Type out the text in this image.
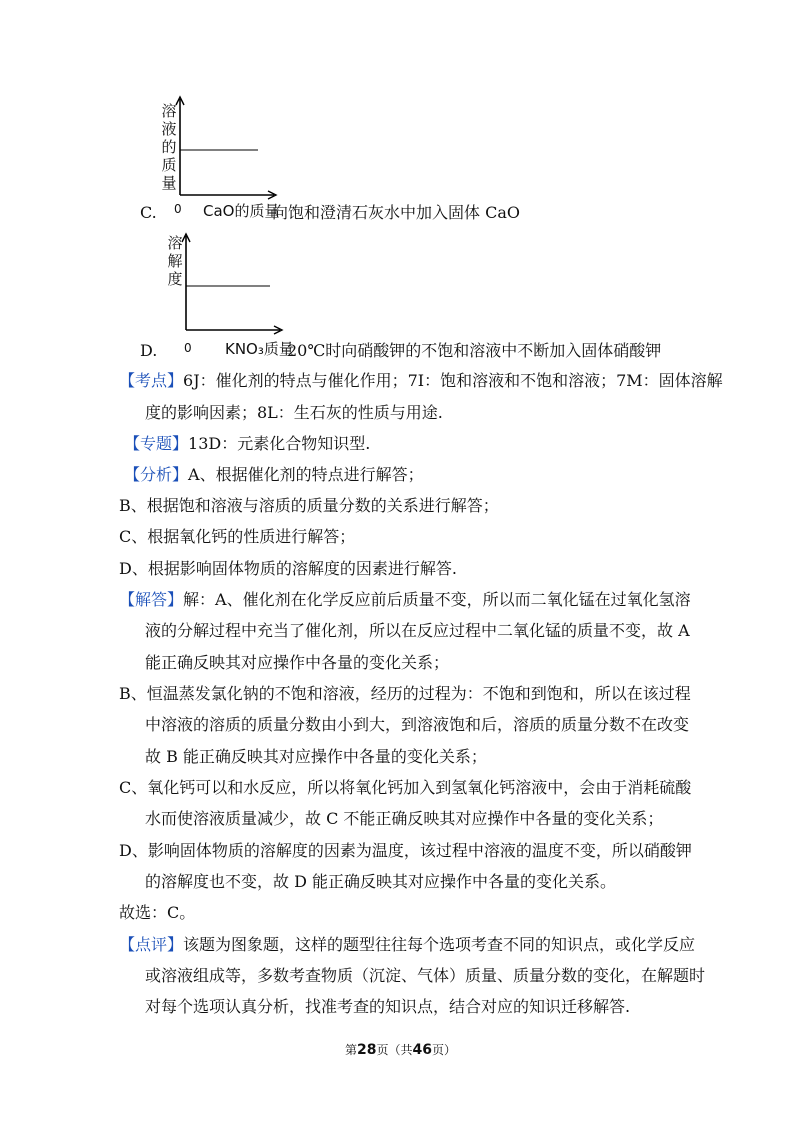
溶 液 的 质 量
0
C.	CaO的质量
向饱和澄清石灰水中加入固体 CaO
溶 解 度
0
D.	KNO₃质量
20℃时向硝酸钾的不饱和溶液中不断加入固体硝酸钾
【考点】6J：催化剂的特点与催化作用；7I：饱和溶液和不饱和溶液；7M：固体溶解
度的影响因素；8L：生石灰的性质与用途.
【专题】13D：元素化合物知识型.
【分析】A、根据催化剂的特点进行解答；
B、根据饱和溶液与溶质的质量分数的关系进行解答；
C、根据氧化钙的性质进行解答；
D、根据影响固体物质的溶解度的因素进行解答.
【解答】解：A、催化剂在化学反应前后质量不变，所以而二氧化锰在过氧化氢溶
液的分解过程中充当了催化剂，所以在反应过程中二氧化锰的质量不变，故 A
能正确反映其对应操作中各量的变化关系；
B、恒温蒸发氯化钠的不饱和溶液，经历的过程为：不饱和到饱和，所以在该过程
中溶液的溶质的质量分数由小到大，到溶液饱和后，溶质的质量分数不在改变
故 B 能正确反映其对应操作中各量的变化关系；
C、氧化钙可以和水反应，所以将氧化钙加入到氢氧化钙溶液中，会由于消耗硫酸
水而使溶液质量减少，故 C 不能正确反映其对应操作中各量的变化关系；
D、影响固体物质的溶解度的因素为温度，该过程中溶液的温度不变，所以硝酸钾
的溶解度也不变，故 D 能正确反映其对应操作中各量的变化关系。
故选：C。
【点评】该题为图象题，这样的题型往往每个选项考查不同的知识点，或化学反应
或溶液组成等，多数考查物质（沉淀、气体）质量、质量分数的变化，在解题时
对每个选项认真分析，找准考查的知识点，结合对应的知识迁移解答.
第28页（共46页）
